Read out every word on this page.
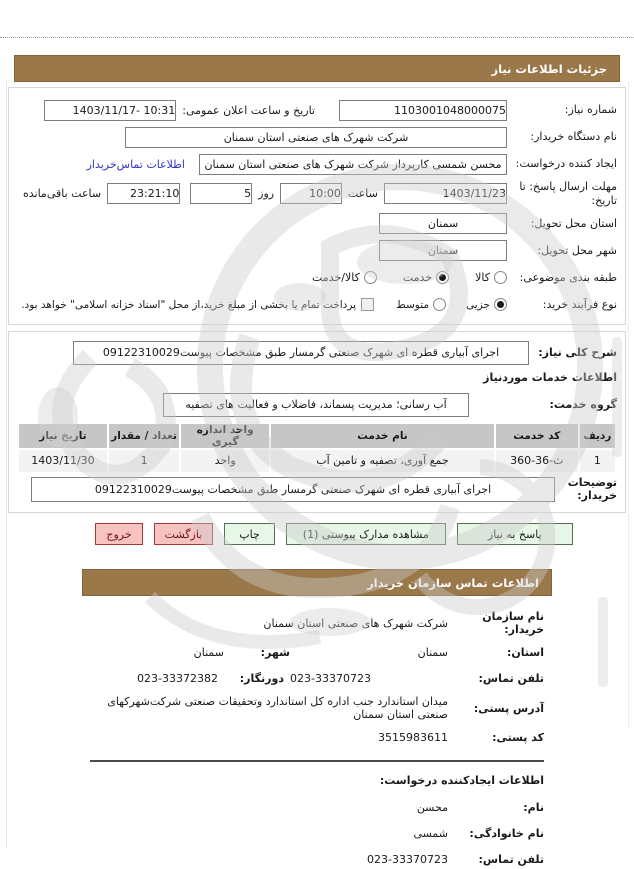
جزئیات اطلاعات نیاز
شماره نیاز:
1103001048000075
تاریخ و ساعت اعلان عمومی:
1403/11/17- 10:31
نام دستگاه خریدار:
شرکت شهرک های صنعتی استان سمنان
ایجاد کننده درخواست:
محسن شمسی کارپرداز شرکت شهرک های صنعتی استان سمنان
اطلاعات تماس‌خریدار
مهلت ارسال پاسخ: تا تاریخ:
1403/11/23
ساعت
10:00
روز
5
23:21:10
ساعت باقی‌مانده
استان محل تحویل:
سمنان
شهر محل تحویل:
سمنان
طبقه بندی موضوعی:
کالا
خدمت
کالا/خدمت
نوع فرآیند خرید:
جزیی
متوسط
پرداخت تمام یا بخشی از مبلغ خرید،از محل "اسناد خزانه اسلامی" خواهد بود.
شرح کلی نیاز:
اجرای آبیاری قطره ای شهرک صنعتی گرمسار طبق مشخصات پیوست09122310029
اطلاعات خدمات موردنیاز
گروه خدمت:
آب رسانی؛ مدیریت پسماند، فاضلاب و فعالیت های تصفیه
ردیف	کد خدمت	نام خدمت	واحد اندازه گیری	تعداد / مقدار	تاریخ نیاز
1	ث-36-360	جمع آوری، تصفیه و تامین آب	واحد	1	1403/11/30
توضیحات خریدار:
اجرای آبیاری قطره ای شهرک صنعتی گرمسار طبق مشخصات پیوست09122310029
پاسخ به نیاز
مشاهده مدارک پیوستی (1)
چاپ
بازگشت
خروج
اطلاعات تماس سازمان خریدار
نام سازمان خریدار:
شرکت شهرک های صنعتی استان سمنان
استان:
سمنان
شهر:
سمنان
تلفن تماس:
023-33370723
دورنگار:
023-33372382
آدرس پستی:
میدان استاندارد جنب اداره کل استاندارد وتحقیقات صنعتی شرکت‌شهرکهای صنعتی استان سمنان
کد پستی:
3515983611
اطلاعات ایجادکننده درخواست:
نام:
محسن
نام خانوادگی:
شمسی
تلفن تماس:
023-33370723
